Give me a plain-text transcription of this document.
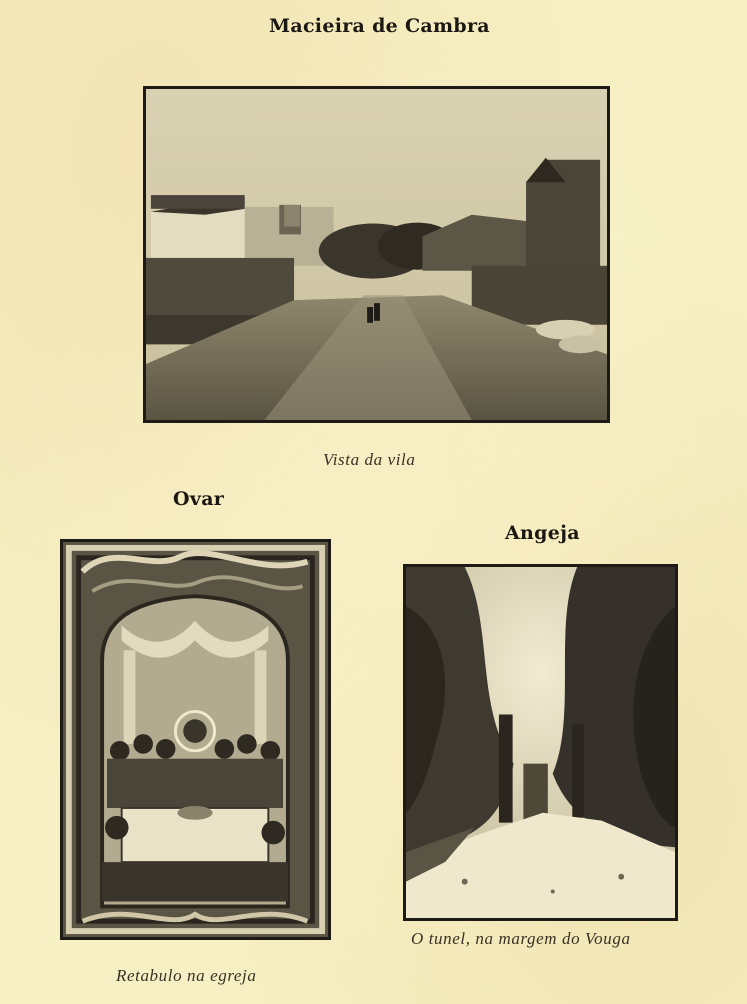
Macieira de Cambra

Vista da vila

Ovar

Retabulo na egreja

Angeja

O tunel, na margem do Vouga
